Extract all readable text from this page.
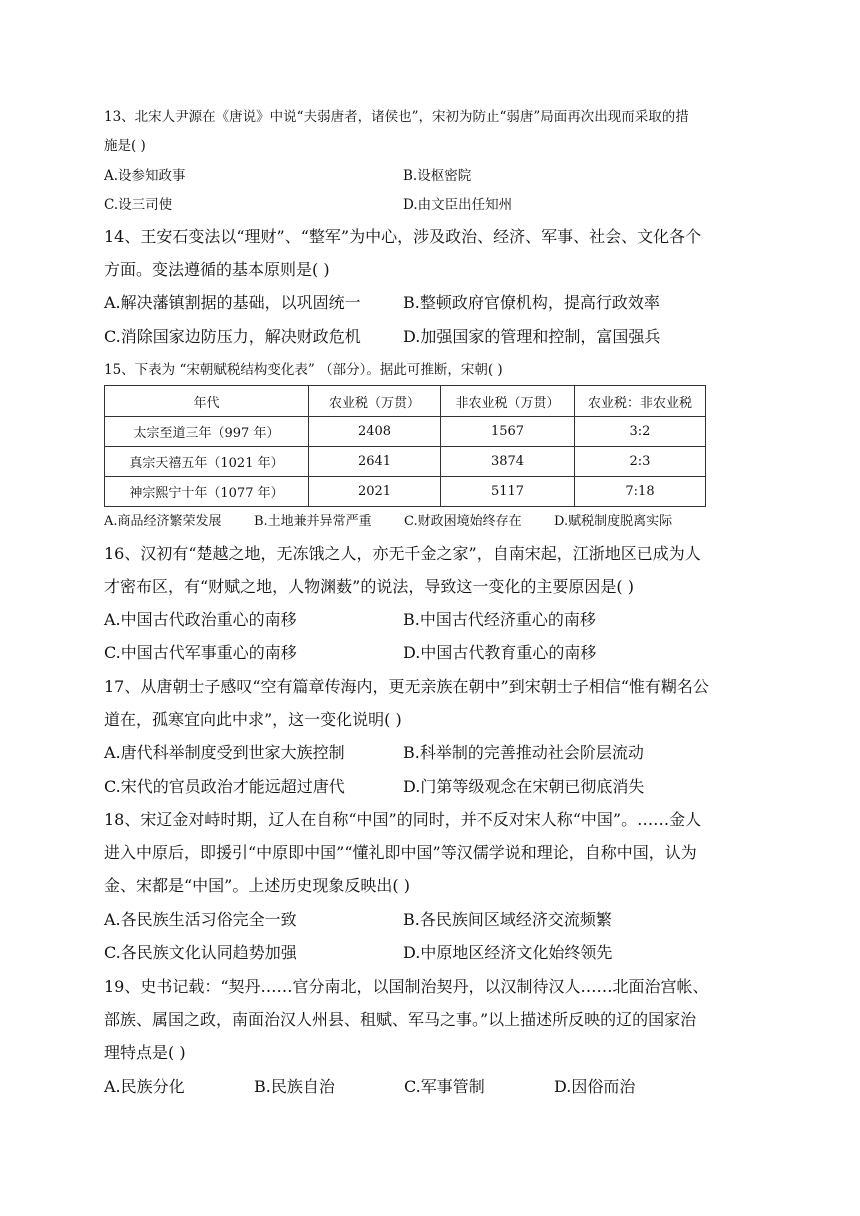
13、北宋人尹源在《唐说》中说“夫弱唐者，诸侯也”，宋初为防止“弱唐”局面再次出现而采取的措
施是( )
A.设参知政事	B.设枢密院
C.设三司使	D.由文臣出任知州
14、王安石变法以“理财”、“整军”为中心，涉及政治、经济、军事、社会、文化各个
方面。变法遵循的基本原则是( )
A.解决藩镇割据的基础，以巩固统一	B.整顿政府官僚机构，提高行政效率
C.消除国家边防压力，解决财政危机	D.加强国家的管理和控制，富国强兵
15、下表为 “宋朝赋税结构变化表” （部分）。据此可推断，宋朝( )
年代	农业税（万贯）	非农业税（万贯）	农业税：非农业税
太宗至道三年（997 年）	2408	1567	3:2
真宗天禧五年（1021 年）	2641	3874	2:3
神宗熙宁十年（1077 年）	2021	5117	7:18
A.商品经济繁荣发展 B.土地兼并异常严重 C.财政困境始终存在 D.赋税制度脱离实际
16、汉初有“楚越之地，无冻饿之人，亦无千金之家”，自南宋起，江浙地区已成为人
才密布区，有“财赋之地，人物渊薮”的说法，导致这一变化的主要原因是( )
A.中国古代政治重心的南移	B.中国古代经济重心的南移
C.中国古代军事重心的南移	D.中国古代教育重心的南移
17、从唐朝士子感叹“空有篇章传海内，更无亲族在朝中”到宋朝士子相信“惟有糊名公
道在，孤寒宜向此中求”，这一变化说明( )
A.唐代科举制度受到世家大族控制	B.科举制的完善推动社会阶层流动
C.宋代的官员政治才能远超过唐代	D.门第等级观念在宋朝已彻底消失
18、宋辽金对峙时期，辽人在自称“中国”的同时，并不反对宋人称“中国”。……金人
进入中原后，即援引“中原即中国”“懂礼即中国”等汉儒学说和理论，自称中国，认为
金、宋都是“中国”。上述历史现象反映出( )
A.各民族生活习俗完全一致	B.各民族间区域经济交流频繁
C.各民族文化认同趋势加强	D.中原地区经济文化始终领先
19、史书记载：“契丹……官分南北，以国制治契丹，以汉制待汉人……北面治宫帐、
部族、属国之政，南面治汉人州县、租赋、军马之事。”以上描述所反映的辽的国家治
理特点是( )
A.民族分化	B.民族自治	C.军事管制	D.因俗而治
